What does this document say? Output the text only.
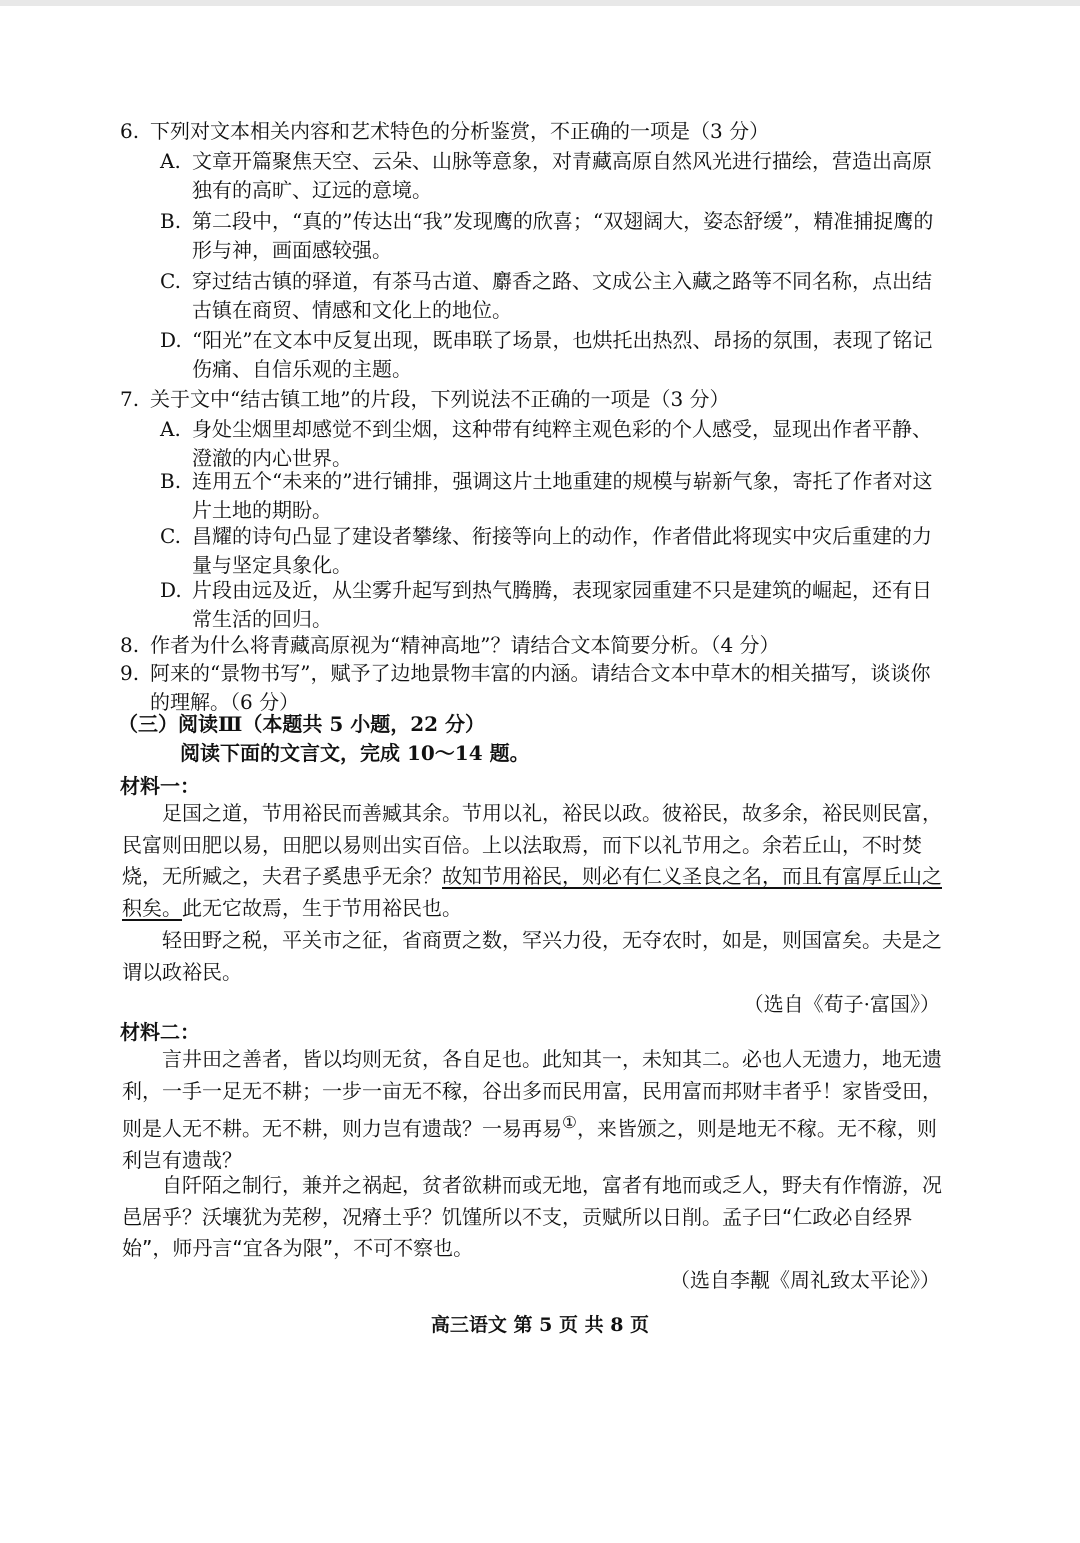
6. 下列对文本相关内容和艺术特色的分析鉴赏，不正确的一项是（3 分）
A. 文章开篇聚焦天空、云朵、山脉等意象，对青藏高原自然风光进行描绘，营造出高原独有的高旷、辽远的意境。
B. 第二段中，“真的”传达出“我”发现鹰的欣喜；“双翅阔大，姿态舒缓”，精准捕捉鹰的形与神，画面感较强。
C. 穿过结古镇的驿道，有茶马古道、麝香之路、文成公主入藏之路等不同名称，点出结古镇在商贸、情感和文化上的地位。
D. “阳光”在文本中反复出现，既串联了场景，也烘托出热烈、昂扬的氛围，表现了铭记伤痛、自信乐观的主题。
7. 关于文中“结古镇工地”的片段，下列说法不正确的一项是（3 分）
A. 身处尘烟里却感觉不到尘烟，这种带有纯粹主观色彩的个人感受，显现出作者平静、澄澈的内心世界。
B. 连用五个“未来的”进行铺排，强调这片土地重建的规模与崭新气象，寄托了作者对这片土地的期盼。
C. 昌耀的诗句凸显了建设者攀缘、衔接等向上的动作，作者借此将现实中灾后重建的力量与坚定具象化。
D. 片段由远及近，从尘雾升起写到热气腾腾，表现家园重建不只是建筑的崛起，还有日常生活的回归。
8. 作者为什么将青藏高原视为“精神高地”？请结合文本简要分析。（4 分）
9. 阿来的“景物书写”，赋予了边地景物丰富的内涵。请结合文本中草木的相关描写，谈谈你的理解。（6 分）
（三）阅读Ⅲ（本题共 5 小题，22 分）
阅读下面的文言文，完成 10～14 题。
材料一：
足国之道，节用裕民而善臧其余。节用以礼，裕民以政。彼裕民，故多余，裕民则民富，民富则田肥以易，田肥以易则出实百倍。上以法取焉，而下以礼节用之。余若丘山，不时焚烧，无所臧之，夫君子奚患乎无余？故知节用裕民，则必有仁义圣良之名，而且有富厚丘山之积矣。此无它故焉，生于节用裕民也。
轻田野之税，平关市之征，省商贾之数，罕兴力役，无夺农时，如是，则国富矣。夫是之谓以政裕民。
（选自《荀子·富国》）
材料二：
言井田之善者，皆以均则无贫，各自足也。此知其一，未知其二。必也人无遗力，地无遗利，一手一足无不耕；一步一亩无不稼，谷出多而民用富，民用富而邦财丰者乎！家皆受田，则是人无不耕。无不耕，则力岂有遗哉？一易再易①，来皆颁之，则是地无不稼。无不稼，则利岂有遗哉？
自阡陌之制行，兼并之祸起，贫者欲耕而或无地，富者有地而或乏人，野夫有作惰游，况邑居乎？沃壤犹为芜秽，况瘠土乎？饥馑所以不支，贡赋所以日削。孟子曰“仁政必自经界始”，师丹言“宜各为限”，不可不察也。
（选自李觏《周礼致太平论》）
高三语文 第 5 页 共 8 页
